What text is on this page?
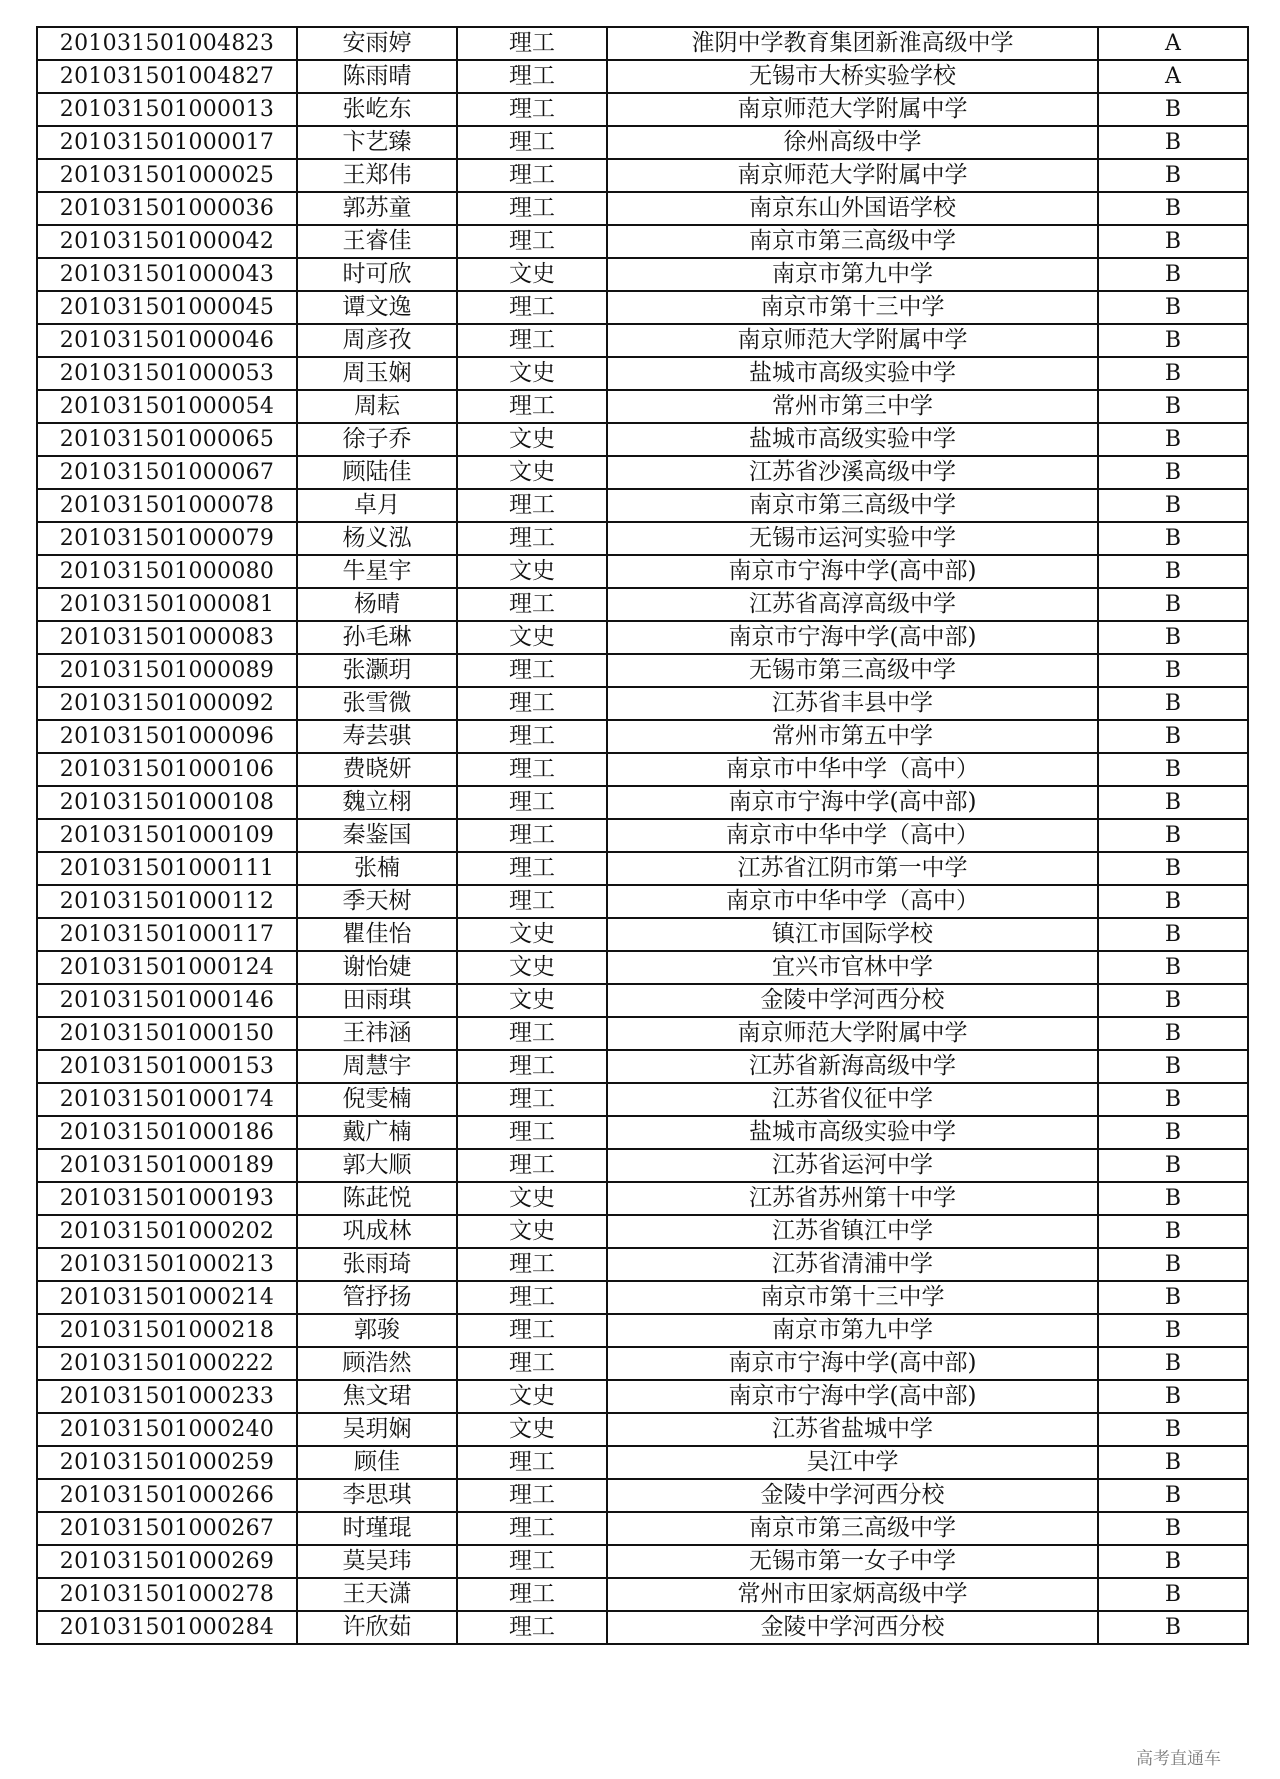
201031501004823	安雨婷	理工	淮阴中学教育集团新淮高级中学	A
201031501004827	陈雨晴	理工	无锡市大桥实验学校	A
201031501000013	张屹东	理工	南京师范大学附属中学	B
201031501000017	卞艺臻	理工	徐州高级中学	B
201031501000025	王郑伟	理工	南京师范大学附属中学	B
201031501000036	郭苏童	理工	南京东山外国语学校	B
201031501000042	王睿佳	理工	南京市第三高级中学	B
201031501000043	时可欣	文史	南京市第九中学	B
201031501000045	谭文逸	理工	南京市第十三中学	B
201031501000046	周彦孜	理工	南京师范大学附属中学	B
201031501000053	周玉娴	文史	盐城市高级实验中学	B
201031501000054	周耘	理工	常州市第三中学	B
201031501000065	徐子乔	文史	盐城市高级实验中学	B
201031501000067	顾陆佳	文史	江苏省沙溪高级中学	B
201031501000078	卓月	理工	南京市第三高级中学	B
201031501000079	杨义泓	理工	无锡市运河实验中学	B
201031501000080	牛星宇	文史	南京市宁海中学(高中部)	B
201031501000081	杨晴	理工	江苏省高淳高级中学	B
201031501000083	孙毛琳	文史	南京市宁海中学(高中部)	B
201031501000089	张灏玥	理工	无锡市第三高级中学	B
201031501000092	张雪微	理工	江苏省丰县中学	B
201031501000096	寿芸骐	理工	常州市第五中学	B
201031501000106	费晓妍	理工	南京市中华中学（高中）	B
201031501000108	魏立栩	理工	南京市宁海中学(高中部)	B
201031501000109	秦鉴国	理工	南京市中华中学（高中）	B
201031501000111	张楠	理工	江苏省江阴市第一中学	B
201031501000112	季天树	理工	南京市中华中学（高中）	B
201031501000117	瞿佳怡	文史	镇江市国际学校	B
201031501000124	谢怡婕	文史	宜兴市官林中学	B
201031501000146	田雨琪	文史	金陵中学河西分校	B
201031501000150	王祎涵	理工	南京师范大学附属中学	B
201031501000153	周慧宇	理工	江苏省新海高级中学	B
201031501000174	倪雯楠	理工	江苏省仪征中学	B
201031501000186	戴广楠	理工	盐城市高级实验中学	B
201031501000189	郭大顺	理工	江苏省运河中学	B
201031501000193	陈茈悦	文史	江苏省苏州第十中学	B
201031501000202	巩成林	文史	江苏省镇江中学	B
201031501000213	张雨琦	理工	江苏省清浦中学	B
201031501000214	管抒扬	理工	南京市第十三中学	B
201031501000218	郭骏	理工	南京市第九中学	B
201031501000222	顾浩然	理工	南京市宁海中学(高中部)	B
201031501000233	焦文珺	文史	南京市宁海中学(高中部)	B
201031501000240	吴玥娴	文史	江苏省盐城中学	B
201031501000259	顾佳	理工	吴江中学	B
201031501000266	李思琪	理工	金陵中学河西分校	B
201031501000267	时瑾琨	理工	南京市第三高级中学	B
201031501000269	莫吴玮	理工	无锡市第一女子中学	B
201031501000278	王天潇	理工	常州市田家炳高级中学	B
201031501000284	许欣茹	理工	金陵中学河西分校	B
高考直通车
